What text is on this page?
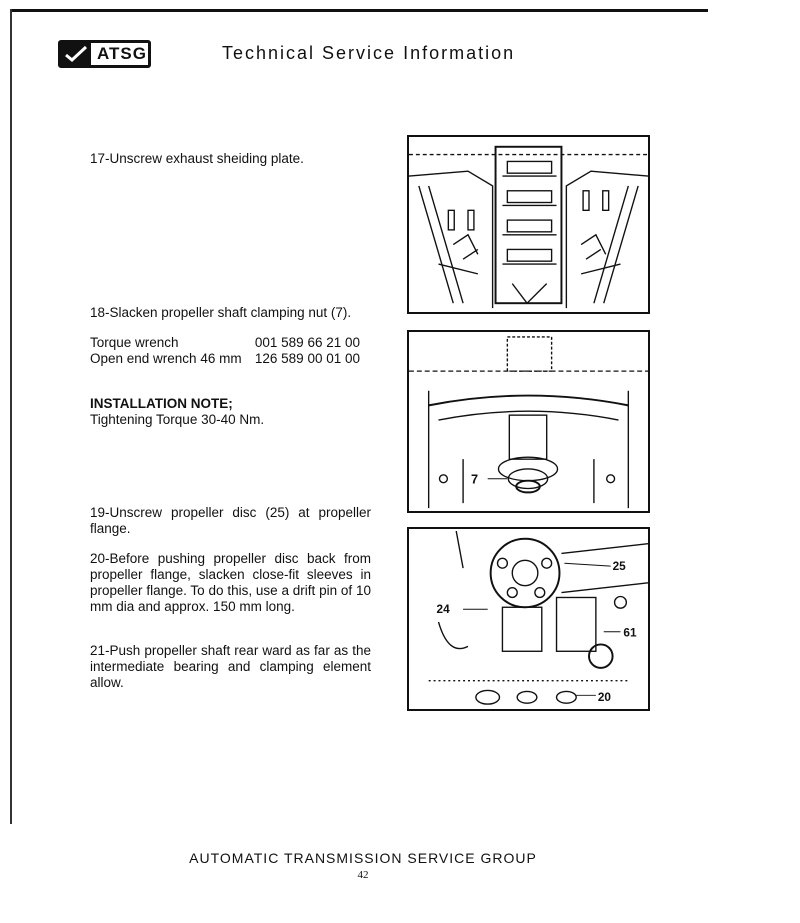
ATSG	Technical Service Information
17-Unscrew exhaust sheiding plate.
18-Slacken propeller shaft clamping nut (7).
Torque wrench	001 589 66 21 00
Open end wrench 46 mm 126 589 00 01 00
INSTALLATION NOTE;
Tightening Torque 30-40 Nm.
19-Unscrew propeller disc (25) at propeller flange.
20-Before pushing propeller disc back from propeller flange, slacken close-fit sleeves in propeller flange. To do this, use a drift pin of 10 mm dia and approx. 150 mm long.
21-Push propeller shaft rear ward as far as the intermediate bearing and clamping element allow.
7
25
24
61
20
AUTOMATIC TRANSMISSION SERVICE GROUP
42
